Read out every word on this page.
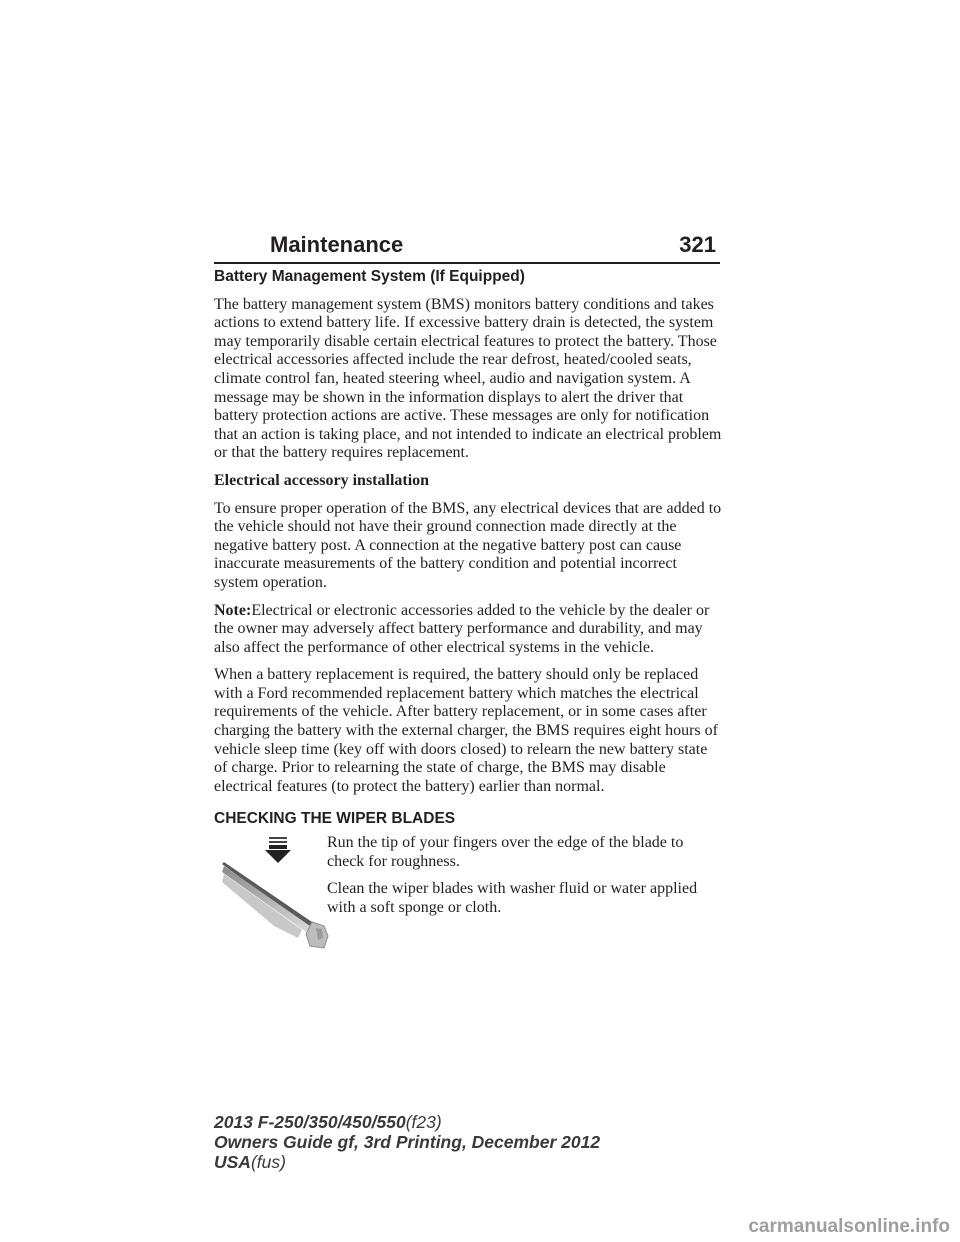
Maintenance	321
Battery Management System (If Equipped)

The battery management system (BMS) monitors battery conditions and takes actions to extend battery life. If excessive battery drain is detected, the system may temporarily disable certain electrical features to protect the battery. Those electrical accessories affected include the rear defrost, heated/cooled seats, climate control fan, heated steering wheel, audio and navigation system. A message may be shown in the information displays to alert the driver that battery protection actions are active. These messages are only for notification that an action is taking place, and not intended to indicate an electrical problem or that the battery requires replacement.

Electrical accessory installation

To ensure proper operation of the BMS, any electrical devices that are added to the vehicle should not have their ground connection made directly at the negative battery post. A connection at the negative battery post can cause inaccurate measurements of the battery condition and potential incorrect system operation.

Note:Electrical or electronic accessories added to the vehicle by the dealer or the owner may adversely affect battery performance and durability, and may also affect the performance of other electrical systems in the vehicle.

When a battery replacement is required, the battery should only be replaced with a Ford recommended replacement battery which matches the electrical requirements of the vehicle. After battery replacement, or in some cases after charging the battery with the external charger, the BMS requires eight hours of vehicle sleep time (key off with doors closed) to relearn the new battery state of charge. Prior to relearning the state of charge, the BMS may disable electrical features (to protect the battery) earlier than normal.

CHECKING THE WIPER BLADES

Run the tip of your fingers over the edge of the blade to check for roughness.

Clean the wiper blades with washer fluid or water applied with a soft sponge or cloth.

2013 F-250/350/450/550(f23)
Owners Guide gf, 3rd Printing, December 2012
USA(fus)
carmanualsonline.info
